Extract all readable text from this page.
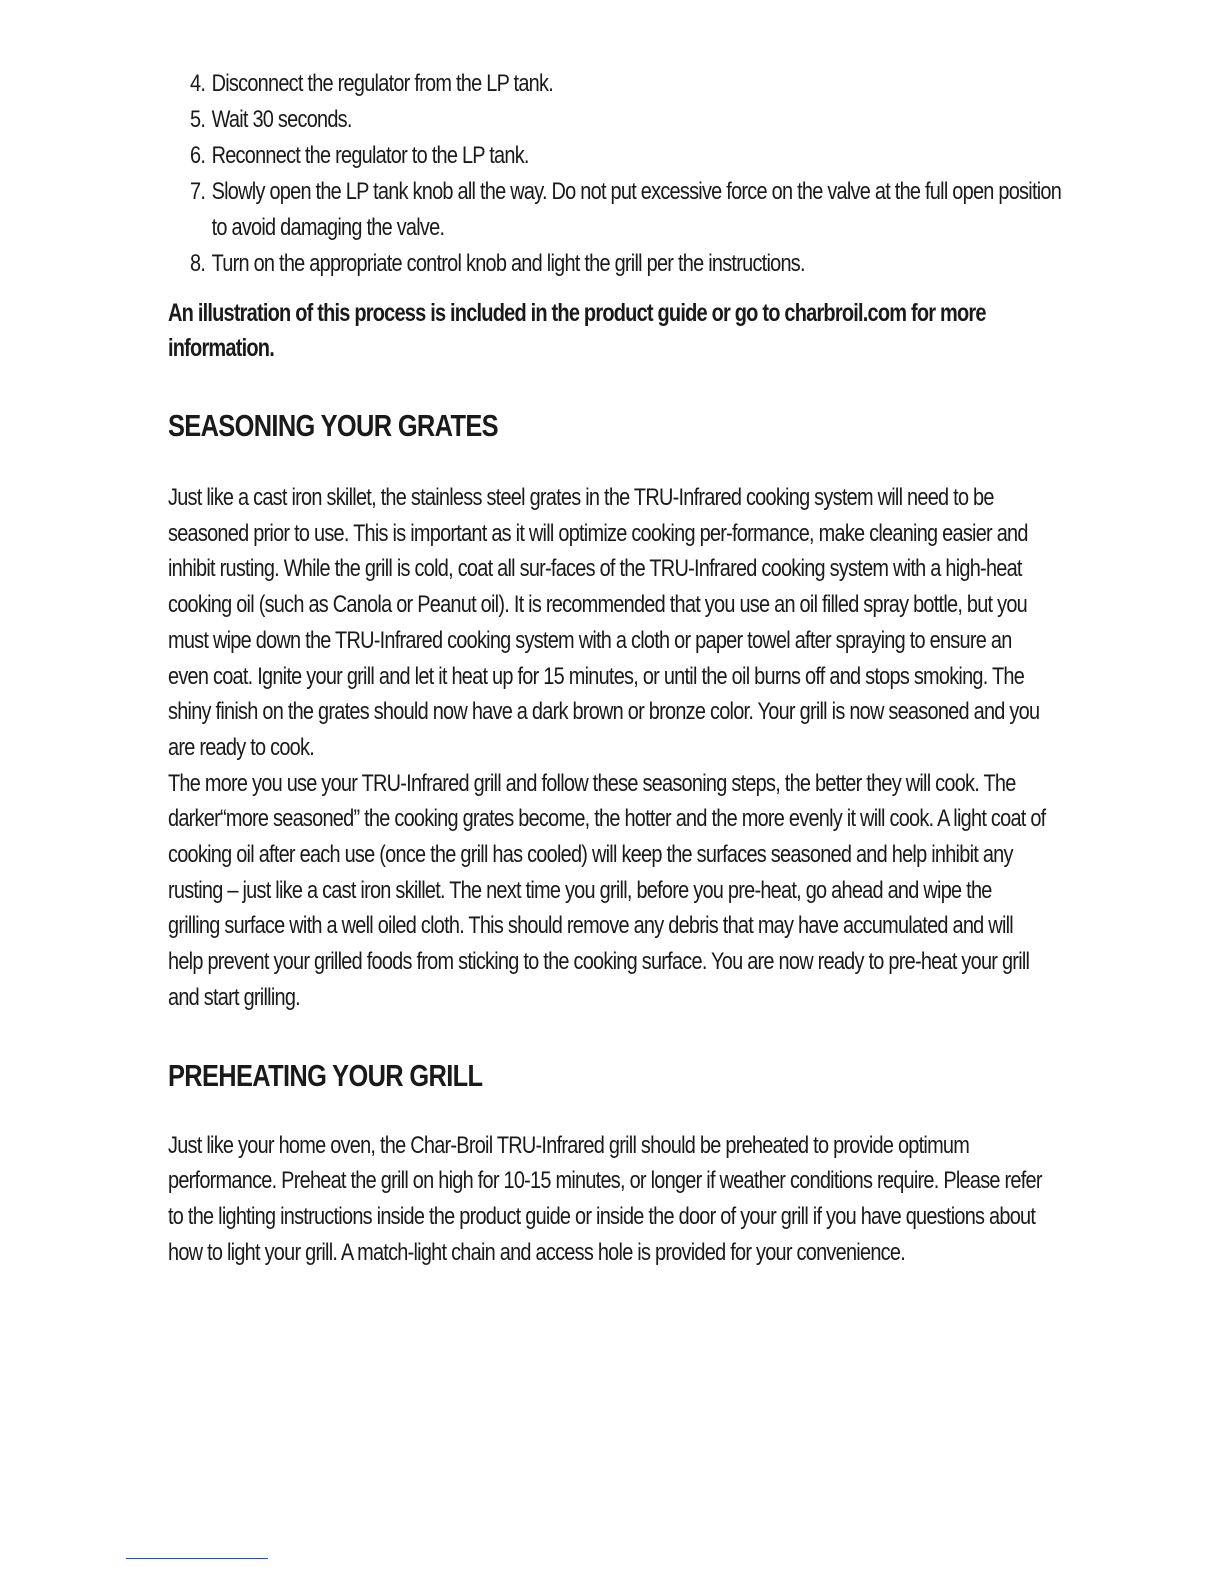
4. Disconnect the regulator from the LP tank.
5. Wait 30 seconds.
6. Reconnect the regulator to the LP tank.
7. Slowly open the LP tank knob all the way. Do not put excessive force on the valve at the full open position to avoid damaging the valve.
8. Turn on the appropriate control knob and light the grill per the instructions.

An illustration of this process is included in the product guide or go to charbroil.com for more information.

SEASONING YOUR GRATES

Just like a cast iron skillet, the stainless steel grates in the TRU-Infrared cooking system will need to be seasoned prior to use. This is important as it will optimize cooking per-formance, make cleaning easier and inhibit rusting. While the grill is cold, coat all sur-faces of the TRU-Infrared cooking system with a high-heat cooking oil (such as Canola or Peanut oil). It is recommended that you use an oil filled spray bottle, but you must wipe down the TRU-Infrared cooking system with a cloth or paper towel after spraying to ensure an even coat. Ignite your grill and let it heat up for 15 minutes, or until the oil burns off and stops smoking. The shiny finish on the grates should now have a dark brown or bronze color. Your grill is now seasoned and you are ready to cook.

The more you use your TRU-Infrared grill and follow these seasoning steps, the better they will cook. The darker“more seasoned” the cooking grates become, the hotter and the more evenly it will cook. A light coat of cooking oil after each use (once the grill has cooled) will keep the surfaces seasoned and help inhibit any rusting – just like a cast iron skillet. The next time you grill, before you pre-heat, go ahead and wipe the grilling surface with a well oiled cloth. This should remove any debris that may have accumulated and will help prevent your grilled foods from sticking to the cooking surface. You are now ready to pre-heat your grill and start grilling.

PREHEATING YOUR GRILL

Just like your home oven, the Char-Broil TRU-Infrared grill should be preheated to provide optimum performance. Preheat the grill on high for 10-15 minutes, or longer if weather conditions require. Please refer to the lighting instructions inside the product guide or inside the door of your grill if you have questions about how to light your grill. A match-light chain and access hole is provided for your convenience.
